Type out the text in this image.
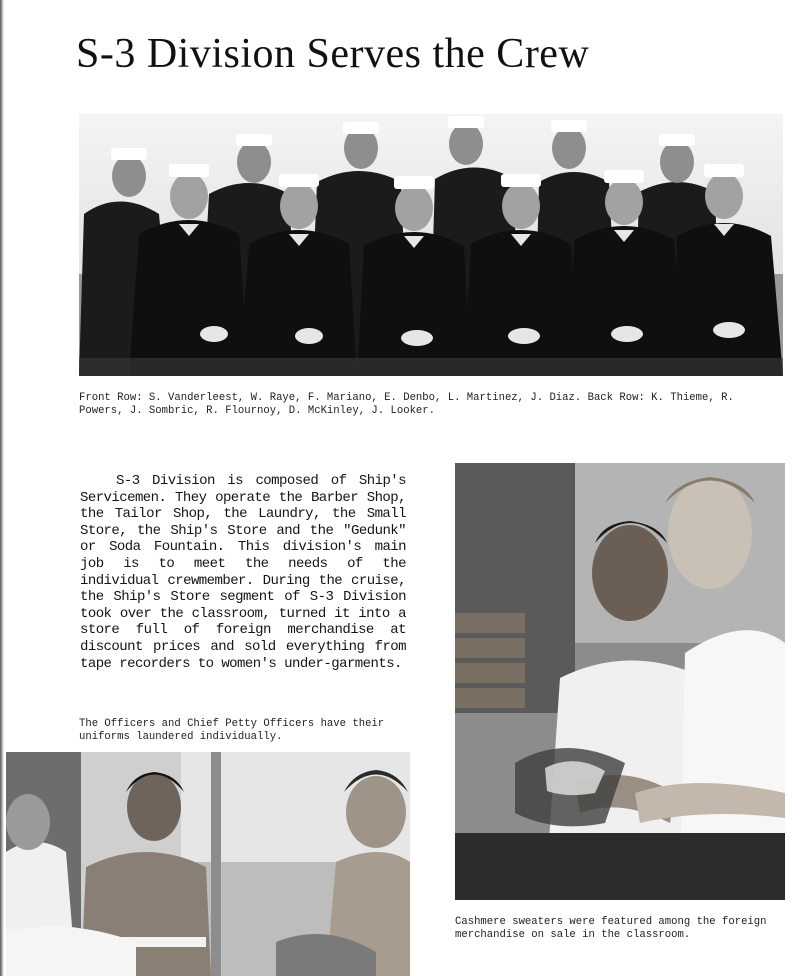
S-3 Division Serves the Crew

Front Row: S. Vanderleest, W. Raye, F. Mariano, E. Denbo, L. Martinez, J. Diaz. Back Row: K. Thieme, R. Powers, J. Sombric, R. Flournoy, D. McKinley, J. Looker.

S-3 Division is composed of Ship's Servicemen. They operate the Barber Shop, the Tailor Shop, the Laundry, the Small Store, the Ship's Store and the "Gedunk" or Soda Fountain. This division's main job is to meet the needs of the individual crewmember. During the cruise, the Ship's Store segment of S-3 Division took over the classroom, turned it into a store full of foreign merchandise at discount prices and sold everything from tape recorders to women's under-garments.

The Officers and Chief Petty Officers have their uniforms laundered individually.

Cashmere sweaters were featured among the foreign merchandise on sale in the classroom.
